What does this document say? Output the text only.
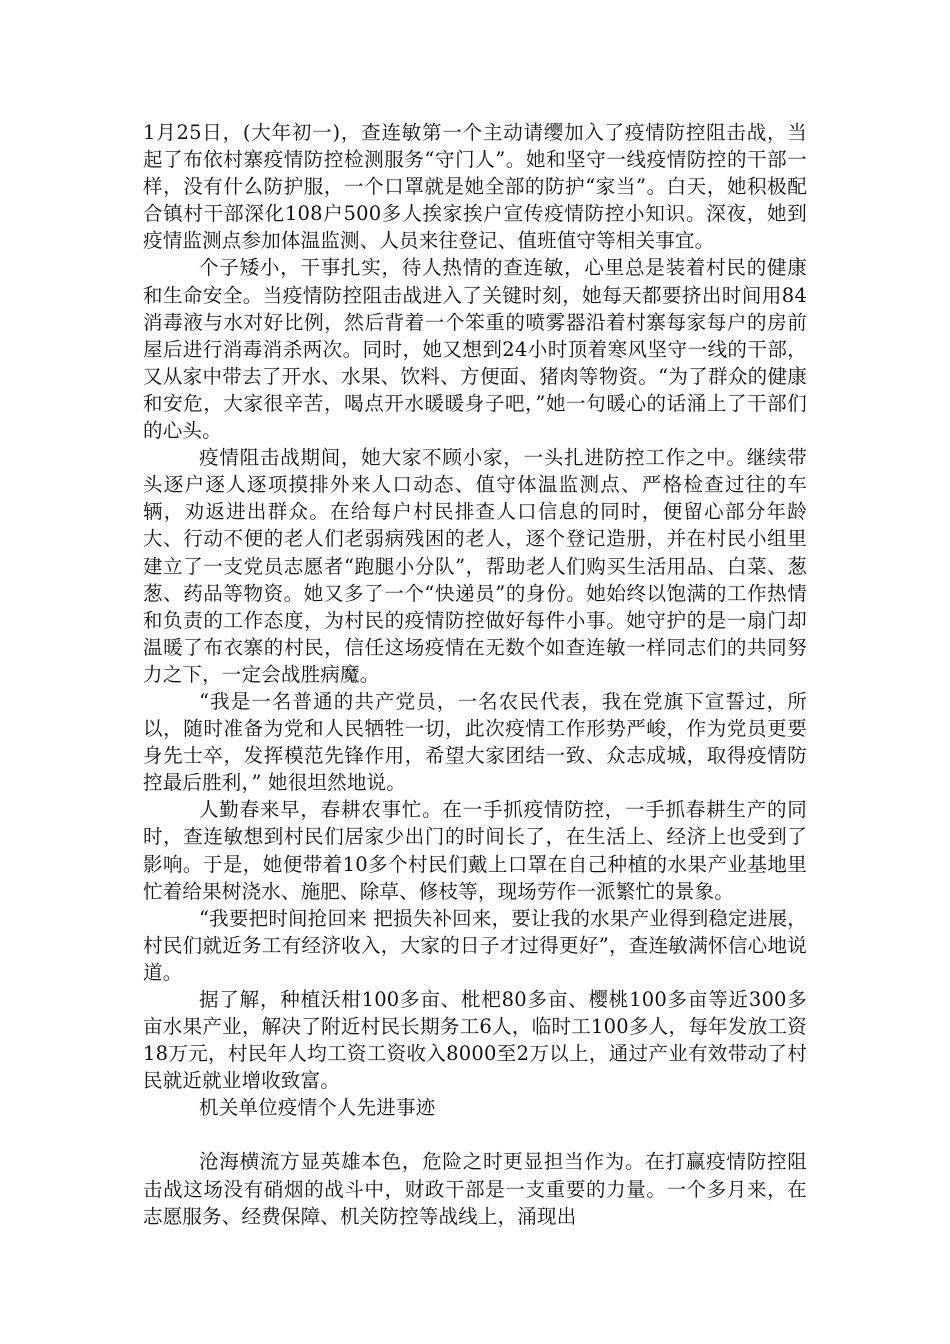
1月25日，(大年初一)，查连敏第一个主动请缨加入了疫情防控阻击战，当起了布依村寨疫情防控检测服务“守门人”。她和坚守一线疫情防控的干部一样，没有什么防护服，一个口罩就是她全部的防护“家当”。白天，她积极配合镇村干部深化108户500多人挨家挨户宣传疫情防控小知识。深夜，她到疫情监测点参加体温监测、人员来往登记、值班值守等相关事宜。

个子矮小，干事扎实，待人热情的查连敏，心里总是装着村民的健康和生命安全。当疫情防控阻击战进入了关键时刻，她每天都要挤出时间用84消毒液与水对好比例，然后背着一个笨重的喷雾器沿着村寨每家每户的房前屋后进行消毒消杀两次。同时，她又想到24小时顶着寒风坚守一线的干部，又从家中带去了开水、水果、饮料、方便面、猪肉等物资。“为了群众的健康和安危，大家很辛苦，喝点开水暖暖身子吧，”她一句暖心的话涌上了干部们的心头。

疫情阻击战期间，她大家不顾小家，一头扎进防控工作之中。继续带头逐户逐人逐项摸排外来人口动态、值守体温监测点、严格检查过往的车辆，劝返进出群众。在给每户村民排查人口信息的同时，便留心部分年龄大、行动不便的老人们老弱病残困的老人，逐个登记造册，并在村民小组里建立了一支党员志愿者“跑腿小分队”，帮助老人们购买生活用品、白菜、葱葱、药品等物资。她又多了一个“快递员”的身份。她始终以饱满的工作热情和负责的工作态度，为村民的疫情防控做好每件小事。她守护的是一扇门却温暖了布衣寨的村民，信任这场疫情在无数个如查连敏一样同志们的共同努力之下，一定会战胜病魔。

“我是一名普通的共产党员，一名农民代表，我在党旗下宣誓过，所以，随时准备为党和人民牺牲一切，此次疫情工作形势严峻，作为党员更要身先士卒，发挥模范先锋作用，希望大家团结一致、众志成城，取得疫情防控最后胜利，” 她很坦然地说。

人勤春来早，春耕农事忙。在一手抓疫情防控，一手抓春耕生产的同时，查连敏想到村民们居家少出门的时间长了，在生活上、经济上也受到了影响。于是，她便带着10多个村民们戴上口罩在自己种植的水果产业基地里忙着给果树浇水、施肥、除草、修枝等，现场劳作一派繁忙的景象。

“我要把时间抢回来 把损失补回来，要让我的水果产业得到稳定进展，村民们就近务工有经济收入，大家的日子才过得更好”，查连敏满怀信心地说道。

据了解，种植沃柑100多亩、枇杷80多亩、樱桃100多亩等近300多亩水果产业，解决了附近村民长期务工6人，临时工100多人，每年发放工资18万元，村民年人均工资工资收入8000至2万以上，通过产业有效带动了村民就近就业增收致富。

机关单位疫情个人先进事迹

沧海横流方显英雄本色，危险之时更显担当作为。在打赢疫情防控阻击战这场没有硝烟的战斗中，财政干部是一支重要的力量。一个多月来，在志愿服务、经费保障、机关防控等战线上，涌现出
